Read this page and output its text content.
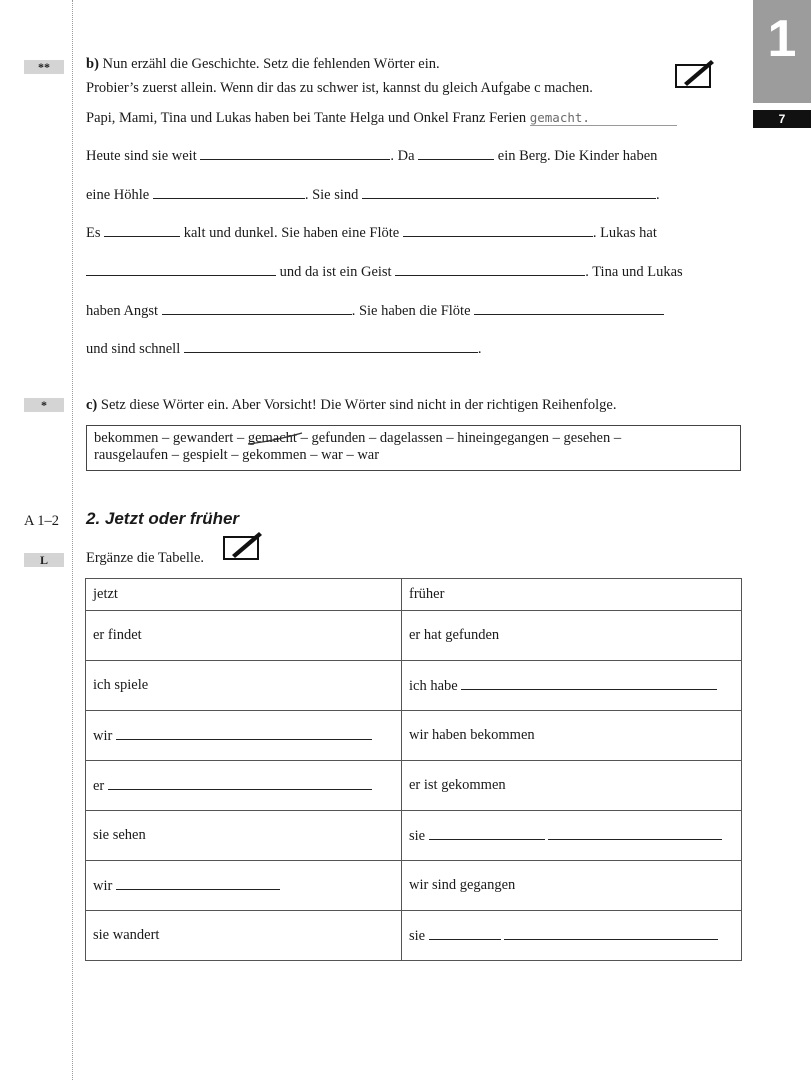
1
7
**	b) Nun erzähl die Geschichte. Setz die fehlenden Wörter ein.
Probier’s zuerst allein. Wenn dir das zu schwer ist, kannst du gleich Aufgabe c machen.
Papi, Mami, Tina und Lukas haben bei Tante Helga und Onkel Franz Ferien gemacht.
Heute sind sie weit	. Da	ein Berg. Die Kinder haben
eine Höhle	. Sie sind	.
Es	kalt und dunkel. Sie haben eine Flöte	. Lukas hat
und da ist ein Geist	. Tina und Lukas
haben Angst	. Sie haben die Flöte
und sind schnell	.
*	c) Setz diese Wörter ein. Aber Vorsicht! Die Wörter sind nicht in der richtigen Reihenfolge.
bekommen – gewandert – gemacht – gefunden – dagelassen – hineingegangen – gesehen –
rausgelaufen – gespielt – gekommen – war – war
A 1–2 2. Jetzt oder früher
L	Ergänze die Tabelle.
jetzt	früher
er findet	er hat gefunden
ich spiele	ich habe
wir	wir haben bekommen
er	er ist gekommen
sie sehen	sie
wir	wir sind gegangen
sie wandert	sie
